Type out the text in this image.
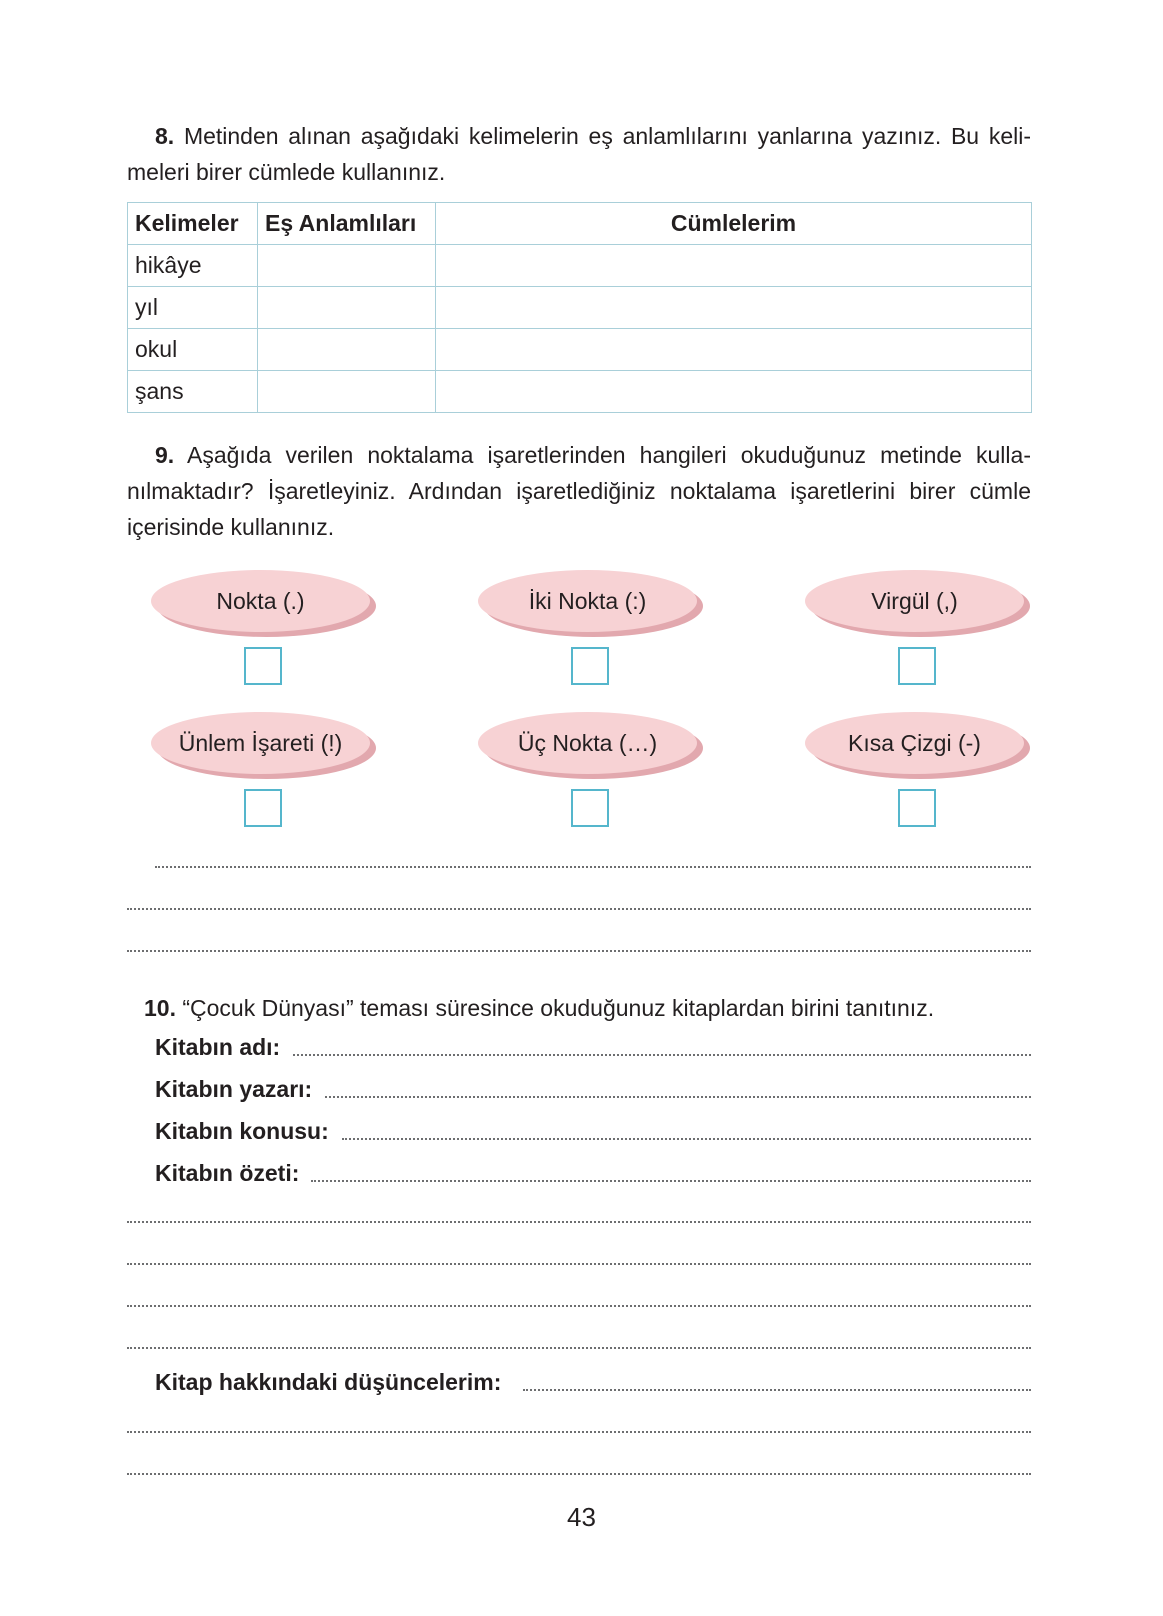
8. Metinden alınan aşağıdaki kelimelerin eş anlamlılarını yanlarına yazınız. Bu keli-meleri birer cümlede kullanınız.

Kelimeler	Eş Anlamlıları	Cümlelerim
hikâye		
yıl		
okul		
şans		

9. Aşağıda verilen noktalama işaretlerinden hangileri okuduğunuz metinde kulla-nılmaktadır? İşaretleyiniz. Ardından işaretlediğiniz noktalama işaretlerini birer cümle içerisinde kullanınız.

Nokta (.)	İki Nokta (:)	Virgül (,)
Ünlem İşareti (!)	Üç Nokta (…)	Kısa Çizgi (-)

10. “Çocuk Dünyası” teması süresince okuduğunuz kitaplardan birini tanıtınız.

Kitabın adı:
Kitabın yazarı:
Kitabın konusu:
Kitabın özeti:
Kitap hakkındaki düşüncelerim:
43
